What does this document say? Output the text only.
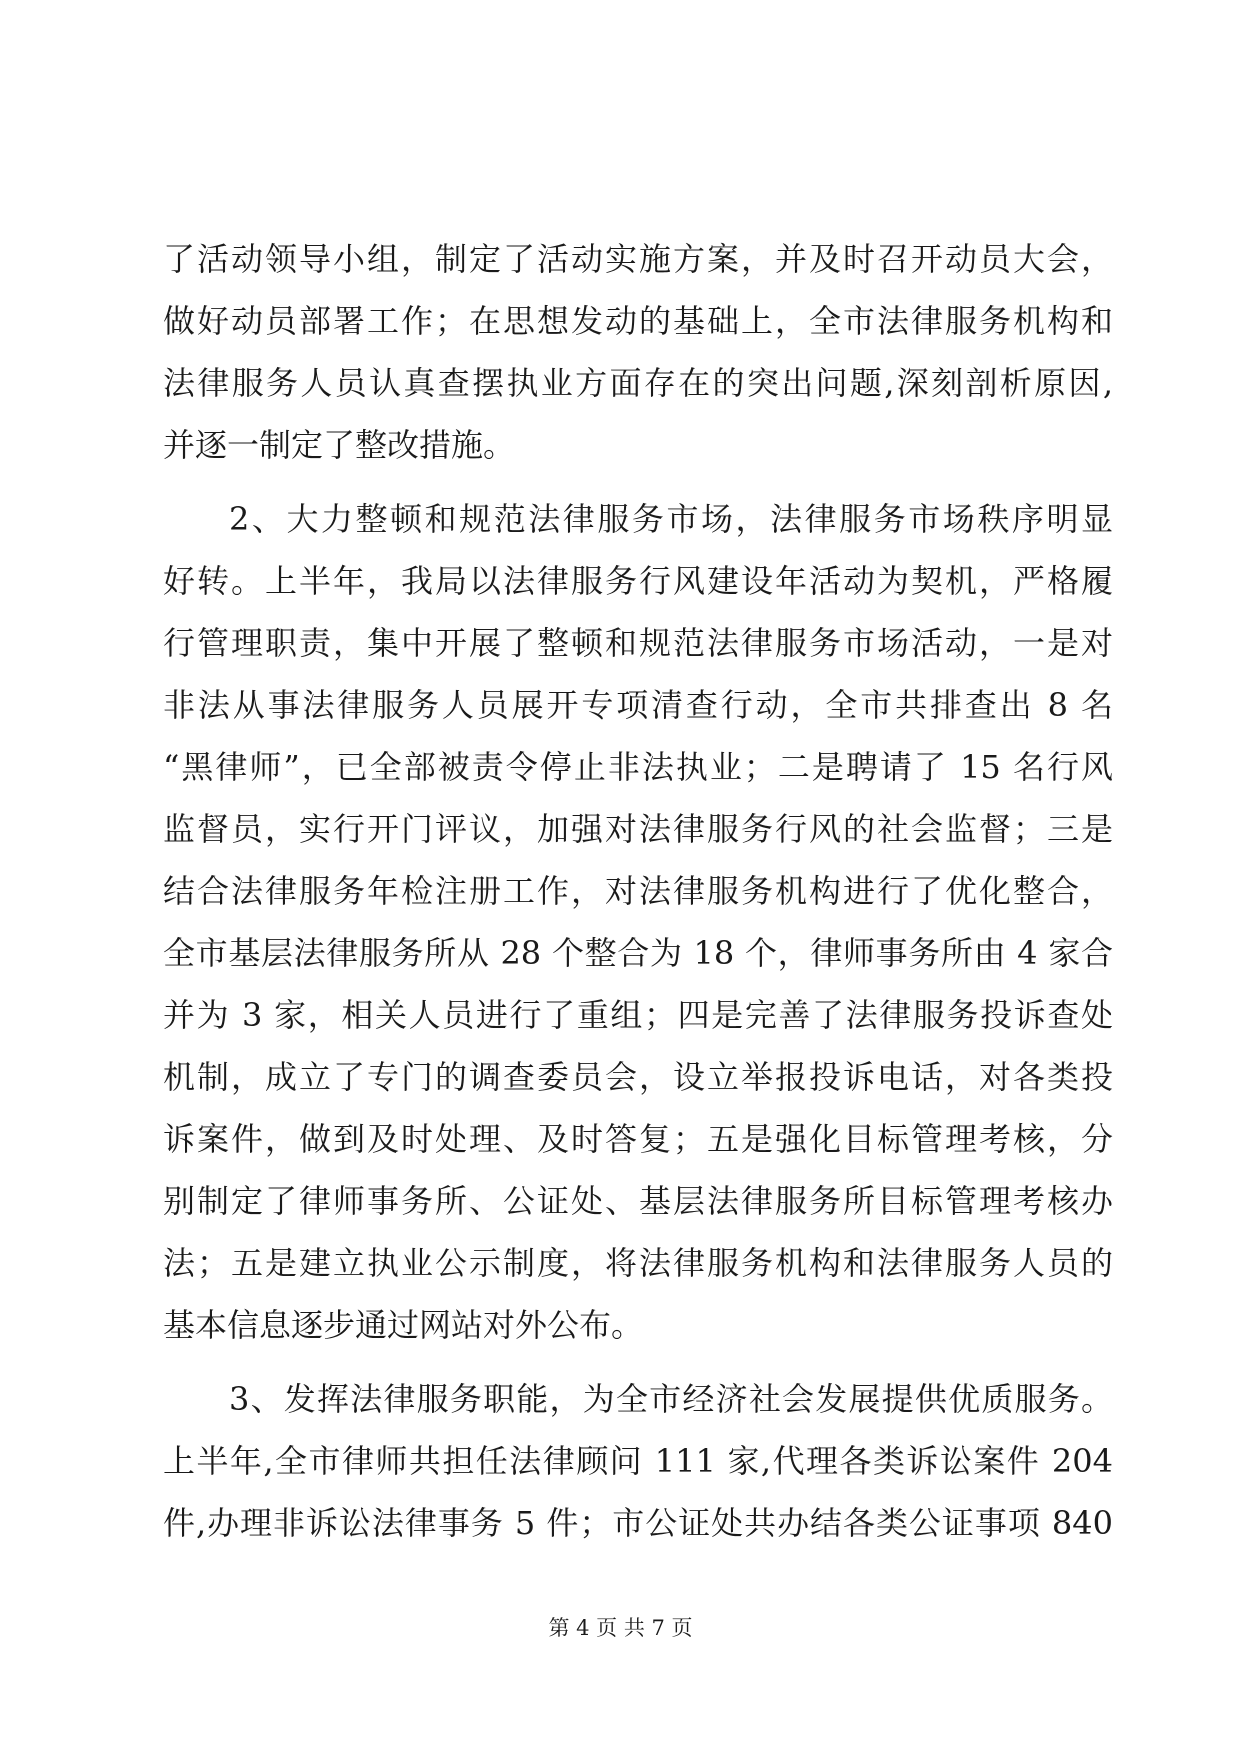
了活动领导小组，制定了活动实施方案，并及时召开动员大会，
做好动员部署工作；在思想发动的基础上，全市法律服务机构和
法律服务人员认真查摆执业方面存在的突出问题,深刻剖析原因,
并逐一制定了整改措施。
2、大力整顿和规范法律服务市场，法律服务市场秩序明显
好转。上半年，我局以法律服务行风建设年活动为契机，严格履
行管理职责，集中开展了整顿和规范法律服务市场活动，一是对
非法从事法律服务人员展开专项清查行动，全市共排查出 8 名
“黑律师”，已全部被责令停止非法执业；二是聘请了 15 名行风
监督员，实行开门评议，加强对法律服务行风的社会监督；三是
结合法律服务年检注册工作，对法律服务机构进行了优化整合，
全市基层法律服务所从 28 个整合为 18 个，律师事务所由 4 家合
并为 3 家，相关人员进行了重组；四是完善了法律服务投诉查处
机制，成立了专门的调查委员会，设立举报投诉电话，对各类投
诉案件，做到及时处理、及时答复；五是强化目标管理考核，分
别制定了律师事务所、公证处、基层法律服务所目标管理考核办
法；五是建立执业公示制度，将法律服务机构和法律服务人员的
基本信息逐步通过网站对外公布。
3、发挥法律服务职能，为全市经济社会发展提供优质服务。
上半年,全市律师共担任法律顾问 111 家,代理各类诉讼案件 204
件,办理非诉讼法律事务 5 件；市公证处共办结各类公证事项 840
第 4 页 共 7 页
